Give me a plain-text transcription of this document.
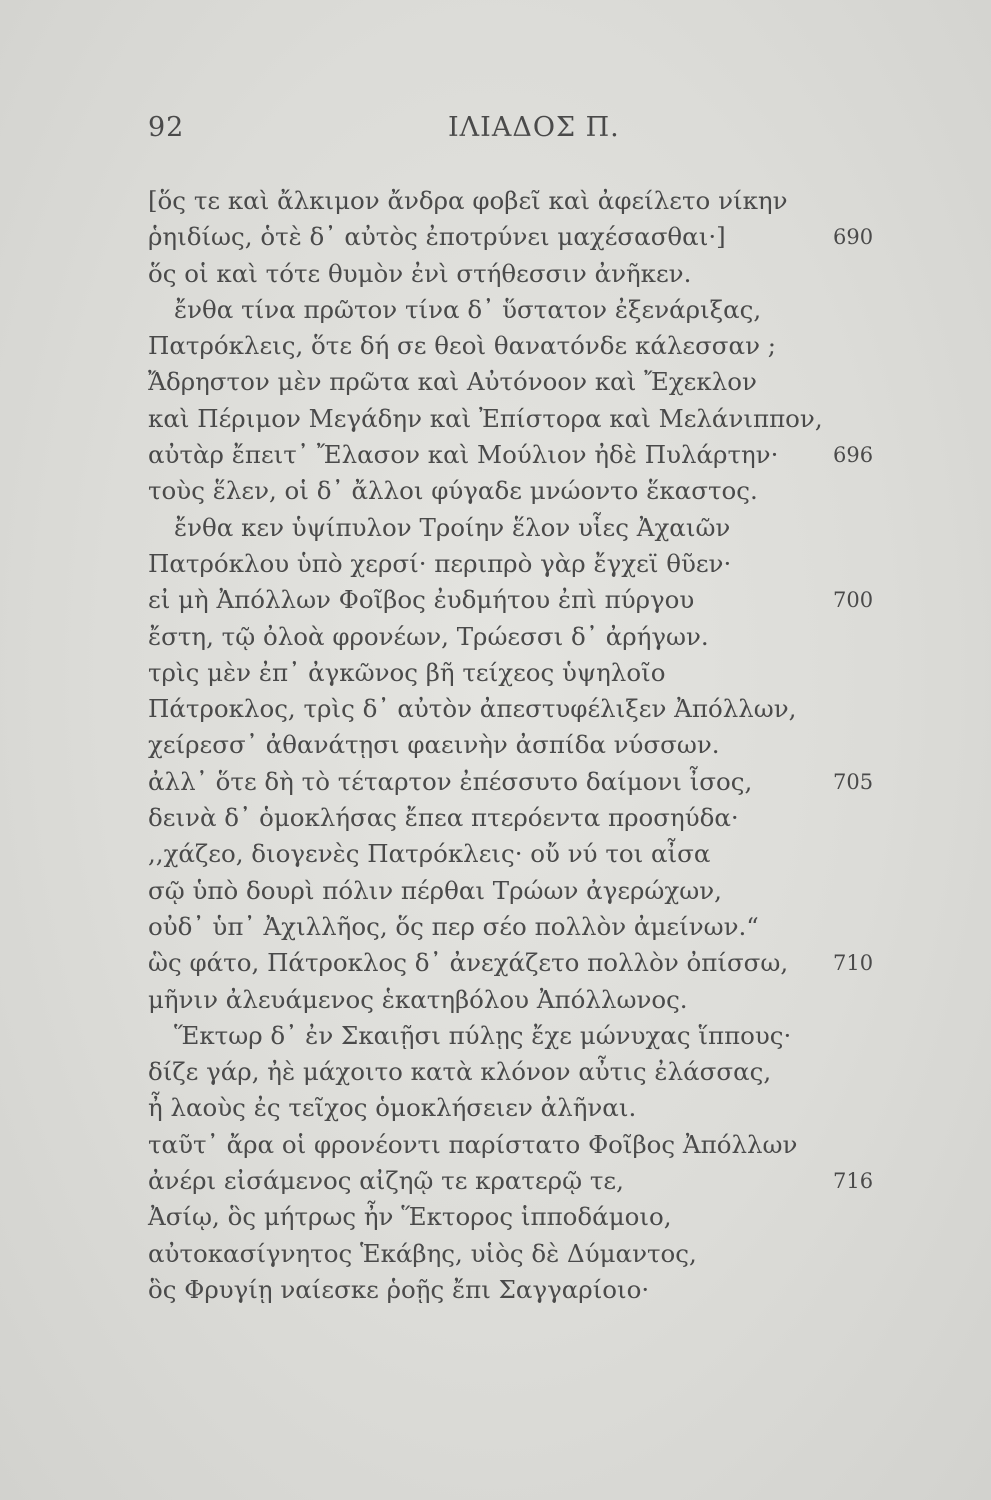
92	ΙΛΙΑΔΟΣ Π.
[ὅς τε καὶ ἄλκιμον ἄνδρα φοβεῖ καὶ ἀφείλετο νίκην
ῥηιδίως, ὁτὲ δ᾽ αὐτὸς ἐποτρύνει μαχέσασθαι·]	690
ὅς οἱ καὶ τότε θυμὸν ἐνὶ στήθεσσιν ἀνῆκεν.
ἔνθα τίνα πρῶτον τίνα δ᾽ ὕστατον ἐξενάριξας,
Πατρόκλεις, ὅτε δή σε θεοὶ θανατόνδε κάλεσσαν ;
Ἄδρηστον μὲν πρῶτα καὶ Αὐτόνοον καὶ Ἔχεκλον
καὶ Πέριμον Μεγάδην καὶ Ἐπίστορα καὶ Μελάνιππον,
αὐτὰρ ἔπειτ᾽ Ἔλασον καὶ Μούλιον ἠδὲ Πυλάρτην·	696
τοὺς ἕλεν, οἱ δ᾽ ἄλλοι φύγαδε μνώοντο ἕκαστος.
ἔνθα κεν ὑψίπυλον Τροίην ἕλον υἷες Ἀχαιῶν
Πατρόκλου ὑπὸ χερσί· περιπρὸ γὰρ ἔγχεϊ θῦεν·
εἰ μὴ Ἀπόλλων Φοῖβος ἐυδμήτου ἐπὶ πύργου	700
ἔστη, τῷ ὀλοὰ φρονέων, Τρώεσσι δ᾽ ἀρήγων.
τρὶς μὲν ἐπ᾽ ἀγκῶνος βῆ τείχεος ὑψηλοῖο
Πάτροκλος, τρὶς δ᾽ αὐτὸν ἀπεστυφέλιξεν Ἀπόλλων,
χείρεσσ᾽ ἀθανάτῃσι φαεινὴν ἀσπίδα νύσσων.
ἀλλ᾽ ὅτε δὴ τὸ τέταρτον ἐπέσσυτο δαίμονι ἶσος,	705
δεινὰ δ᾽ ὁμοκλήσας ἔπεα πτερόεντα προσηύδα·
,,χάζεο, διογενὲς Πατρόκλεις· οὔ νύ τοι αἶσα
σῷ ὑπὸ δουρὶ πόλιν πέρθαι Τρώων ἀγερώχων,
οὐδ᾽ ὑπ᾽ Ἀχιλλῆος, ὅς περ σέο πολλὸν ἀμείνων.“
ὣς φάτο, Πάτροκλος δ᾽ ἀνεχάζετο πολλὸν ὀπίσσω, 710
μῆνιν ἀλευάμενος ἑκατηβόλου Ἀπόλλωνος.
Ἕκτωρ δ᾽ ἐν Σκαιῇσι πύλῃς ἔχε μώνυχας ἵππους·
δίζε γάρ, ἠὲ μάχοιτο κατὰ κλόνον αὖτις ἐλάσσας,
ἦ λαοὺς ἐς τεῖχος ὁμοκλήσειεν ἀλῆναι.
ταῦτ᾽ ἄρα οἱ φρονέοντι παρίστατο Φοῖβος Ἀπόλλων
ἀνέρι εἰσάμενος αἰζηῷ τε κρατερῷ τε,	716
Ἀσίῳ, ὃς μήτρως ἦν Ἕκτορος ἱπποδάμοιο,
αὐτοκασίγνητος Ἑκάβης, υἱὸς δὲ Δύμαντος,
ὃς Φρυγίῃ ναίεσκε ῥοῇς ἔπι Σαγγαρίοιο·
